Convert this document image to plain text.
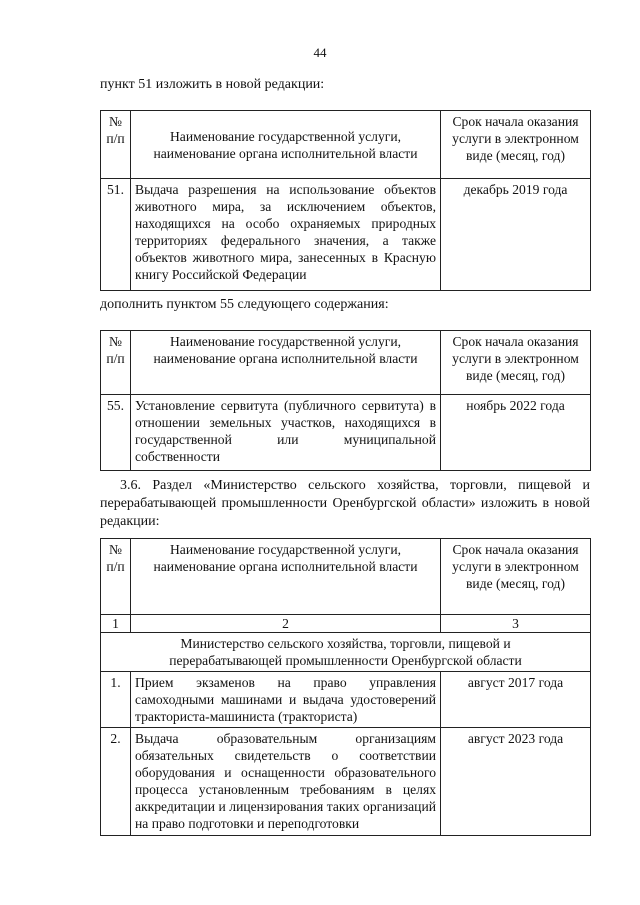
44
пункт 51 изложить в новой редакции:
№ п/п	Наименование государственной услуги, наименование органа исполнительной власти	Срок начала оказания услуги в электронном виде (месяц, год)
51.	Выдача разрешения на использование объектов животного мира, за исключением объектов, находящихся на особо охраняемых природных территориях федерального значения, а также объектов животного мира, занесенных в Красную книгу Российской Федерации	декабрь 2019 года
дополнить пунктом 55 следующего содержания:
№ п/п	Наименование государственной услуги, наименование органа исполнительной власти	Срок начала оказания услуги в электронном виде (месяц, год)
55.	Установление сервитута (публичного сервитута) в отношении земельных участков, находящихся в государственной или муниципальной собственности	ноябрь 2022 года
3.6. Раздел «Министерство сельского хозяйства, торговли, пищевой и перерабатывающей промышленности Оренбургской области» изложить в новой редакции:
№ п/п	Наименование государственной услуги, наименование органа исполнительной власти	Срок начала оказания услуги в электронном виде (месяц, год)
1	2	3
Министерство сельского хозяйства, торговли, пищевой и перерабатывающей промышленности Оренбургской области		
1.	Прием экзаменов на право управления самоходными машинами и выдача удостоверений тракториста-машиниста (тракториста)	август 2017 года
2.	Выдача образовательным организациям обязательных свидетельств о соответствии оборудования и оснащенности образовательного процесса установленным требованиям в целях аккредитации и лицензирования таких организаций на право подготовки и переподготовки	август 2023 года
